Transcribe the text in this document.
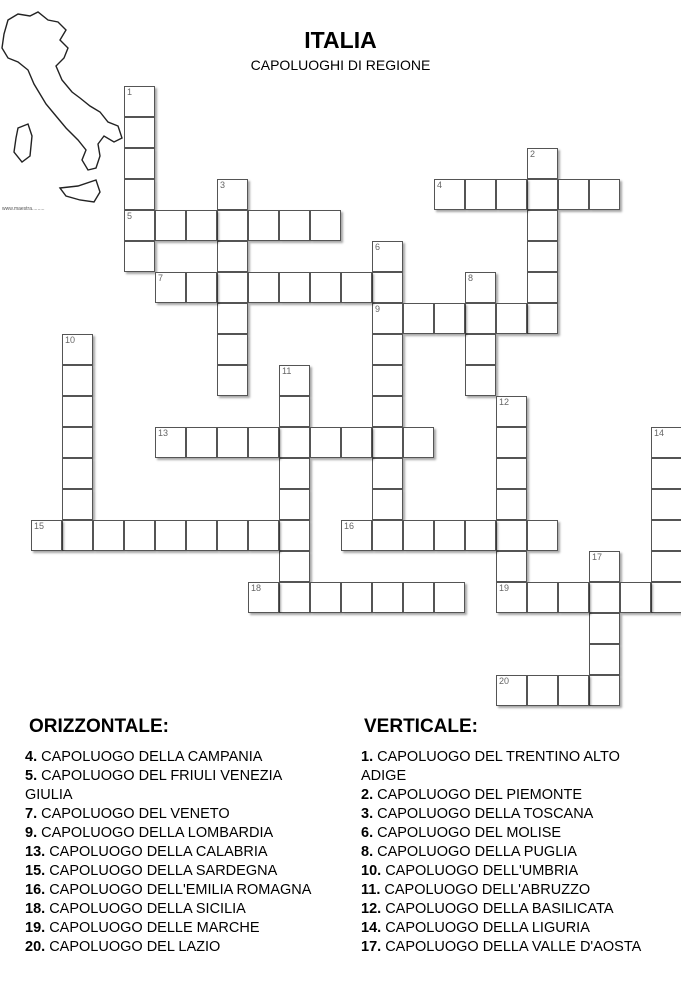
www.maestra.........
ITALIA
CAPOLUOGHI DI REGIONE
1
5
2
3	4
6
9
7	8
10
11
12
13	14
15	16
17
18	19
20
ORIZZONTALE:	VERTICALE:
4. CAPOLUOGO DELLA CAMPANIA
5. CAPOLUOGO DEL FRIULI VENEZIA GIULIA
7. CAPOLUOGO DEL VENETO
9. CAPOLUOGO DELLA LOMBARDIA
13. CAPOLUOGO DELLA CALABRIA
15. CAPOLUOGO DELLA SARDEGNA
16. CAPOLUOGO DELL'EMILIA ROMAGNA
18. CAPOLUOGO DELLA SICILIA
19. CAPOLUOGO DELLE MARCHE
20. CAPOLUOGO DEL LAZIO
1. CAPOLUOGO DEL TRENTINO ALTO ADIGE
2. CAPOLUOGO DEL PIEMONTE
3. CAPOLUOGO DELLA TOSCANA
6. CAPOLUOGO DEL MOLISE
8. CAPOLUOGO DELLA PUGLIA
10. CAPOLUOGO DELL'UMBRIA
11. CAPOLUOGO DELL'ABRUZZO
12. CAPOLUOGO DELLA BASILICATA
14. CAPOLUOGO DELLA LIGURIA
17. CAPOLUOGO DELLA VALLE D'AOSTA
